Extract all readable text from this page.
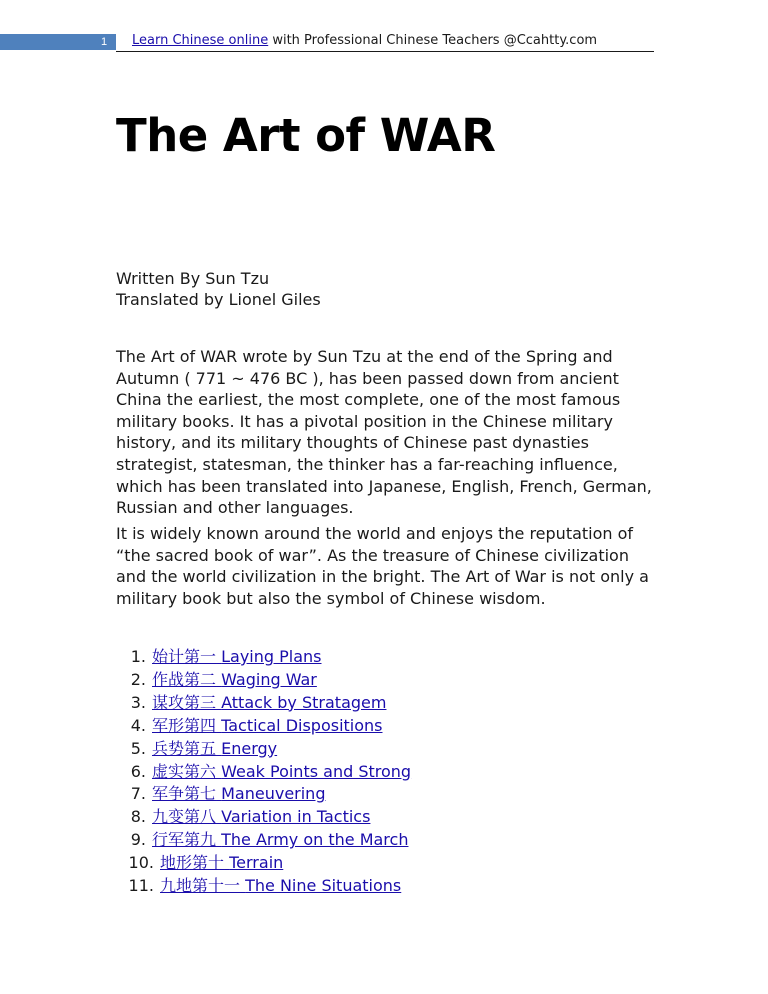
1	Learn Chinese online with Professional Chinese Teachers @Ccahtty.com
The Art of WAR
Written By Sun Tzu
Translated by Lionel Giles

The Art of WAR wrote by Sun Tzu at the end of the Spring and Autumn ( 771 ~ 476 BC ), has been passed down from ancient China the earliest, the most complete, one of the most famous military books. It has a pivotal position in the Chinese military history, and its military thoughts of Chinese past dynasties strategist, statesman, the thinker has a far-reaching influence, which has been translated into Japanese, English, French, German, Russian and other languages.

It is widely known around the world and enjoys the reputation of “the sacred book of war”. As the treasure of Chinese civilization and the world civilization in the bright. The Art of War is not only a military book but also the symbol of Chinese wisdom.

1. 始计第一 Laying Plans
2. 作战第二 Waging War
3. 谋攻第三 Attack by Stratagem
4. 军形第四 Tactical Dispositions
5. 兵势第五 Energy
6. 虚实第六 Weak Points and Strong
7. 军争第七 Maneuvering
8. 九变第八 Variation in Tactics
9. 行军第九 The Army on the March
10. 地形第十 Terrain
11. 九地第十一 The Nine Situations
